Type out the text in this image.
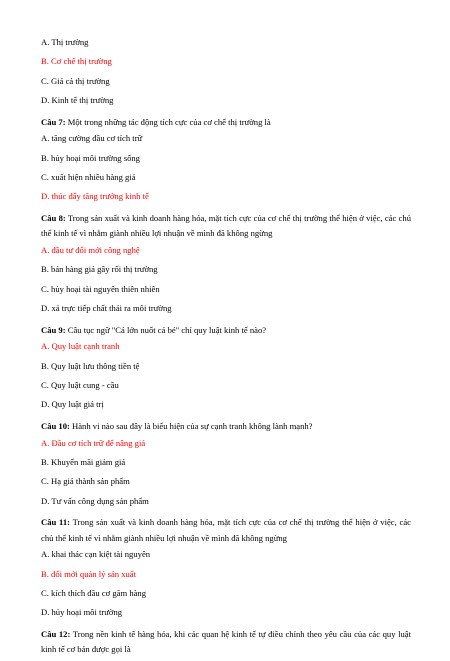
A. Thị trường
B. Cơ chế thị trường
C. Giá cả thị trường
D. Kinh tế thị trường
Câu 7: Một trong những tác động tích cực của cơ chế thị trường là
A. tăng cường đầu cơ tích trữ
B. hủy hoại môi trường sống
C. xuất hiện nhiều hàng giả
D. thúc đẩy tăng trưởng kinh tế
Câu 8: Trong sản xuất và kinh doanh hàng hóa, mặt tích cực của cơ chế thị trường thể hiện ở việc, các chủ thể kinh tế vì nhằm giành nhiều lợi nhuận về mình đã không ngừng
A. đầu tư đổi mới công nghệ
B. bán hàng giả gây rối thị trường
C. hủy hoại tài nguyên thiên nhiên
D. xả trực tiếp chất thải ra môi trường
Câu 9: Câu tục ngữ "Cá lớn nuốt cá bé" chỉ quy luật kinh tế nào?
A. Quy luật cạnh tranh
B. Quy luật lưu thông tiền tệ
C. Quy luật cung - cầu
D. Quy luật giá trị
Câu 10: Hành vi nào sau đây là biểu hiện của sự cạnh tranh không lành mạnh?
A. Đầu cơ tích trữ để nâng giá
B. Khuyến mãi giảm giá
C. Hạ giá thành sản phẩm
D. Tư vấn công dụng sản phẩm
Câu 11: Trong sản xuất và kinh doanh hàng hóa, mặt tích cực của cơ chế thị trường thể hiện ở việc, các chủ thể kinh tế vì nhằm giành nhiều lợi nhuận về mình đã không ngừng
A. khai thác cạn kiệt tài nguyên
B. đổi mới quản lý sản xuất
C. kích thích đầu cơ găm hàng
D. hủy hoại môi trường
Câu 12: Trong nền kinh tế hàng hóa, khi các quan hệ kinh tế tự điều chỉnh theo yêu cầu của các quy luật kinh tế cơ bản được gọi là
